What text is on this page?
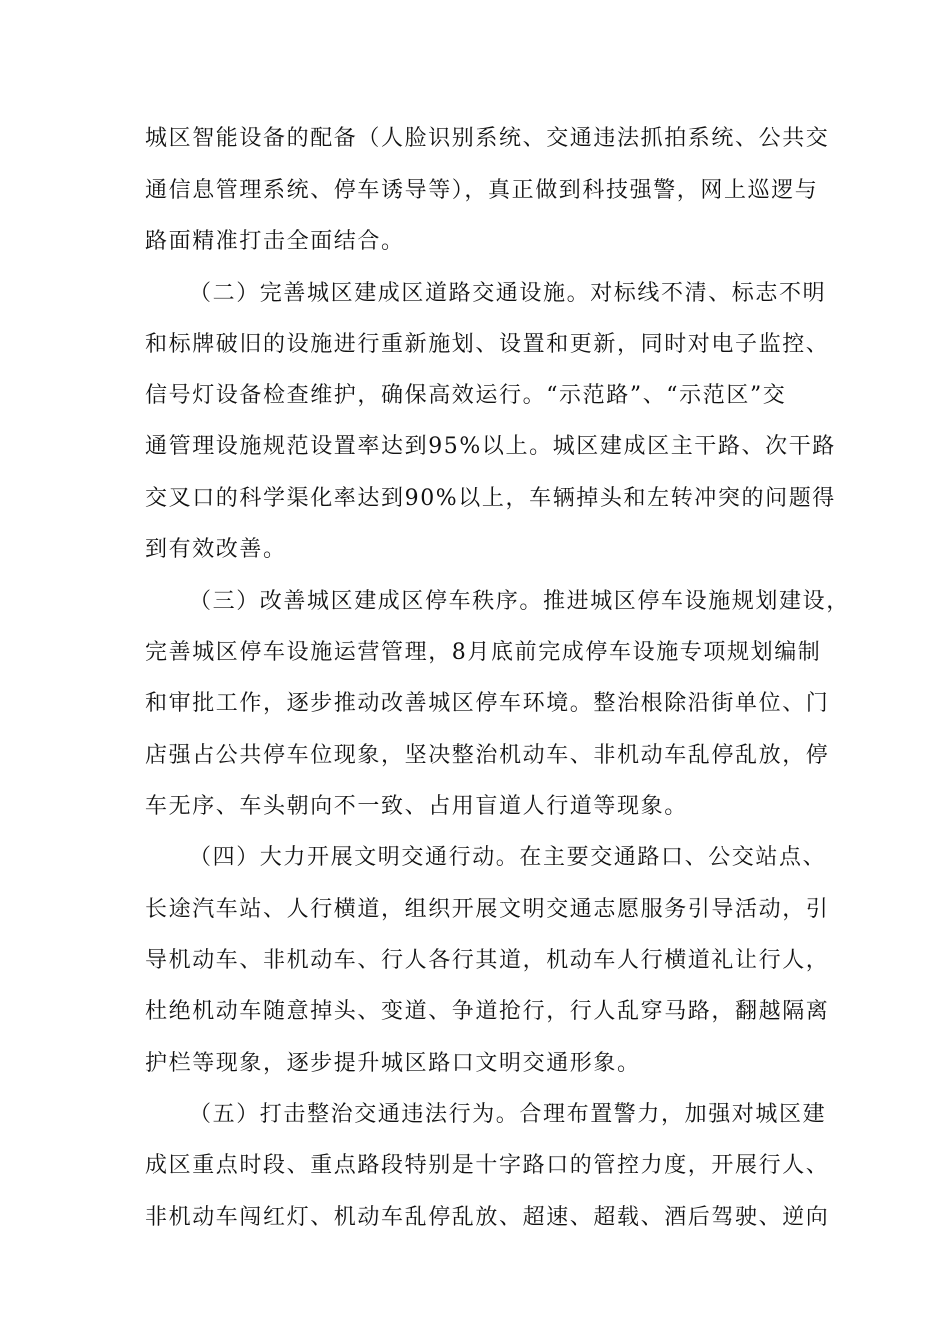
城区智能设备的配备（人脸识别系统、交通违法抓拍系统、公共交
通信息管理系统、停车诱导等），真正做到科技强警，网上巡逻与
路面精准打击全面结合。
（二）完善城区建成区道路交通设施。对标线不清、标志不明
和标牌破旧的设施进行重新施划、设置和更新，同时对电子监控、
信号灯设备检查维护，确保高效运行。“示范路”、“示范区”交
通管理设施规范设置率达到95%以上。城区建成区主干路、次干路
交叉口的科学渠化率达到90%以上，车辆掉头和左转冲突的问题得
到有效改善。
（三）改善城区建成区停车秩序。推进城区停车设施规划建设，
完善城区停车设施运营管理，8月底前完成停车设施专项规划编制
和审批工作，逐步推动改善城区停车环境。整治根除沿街单位、门
店强占公共停车位现象，坚决整治机动车、非机动车乱停乱放，停
车无序、车头朝向不一致、占用盲道人行道等现象。
（四）大力开展文明交通行动。在主要交通路口、公交站点、
长途汽车站、人行横道，组织开展文明交通志愿服务引导活动，引
导机动车、非机动车、行人各行其道，机动车人行横道礼让行人，
杜绝机动车随意掉头、变道、争道抢行，行人乱穿马路，翻越隔离
护栏等现象，逐步提升城区路口文明交通形象。
（五）打击整治交通违法行为。合理布置警力，加强对城区建
成区重点时段、重点路段特别是十字路口的管控力度，开展行人、
非机动车闯红灯、机动车乱停乱放、超速、超载、酒后驾驶、逆向
